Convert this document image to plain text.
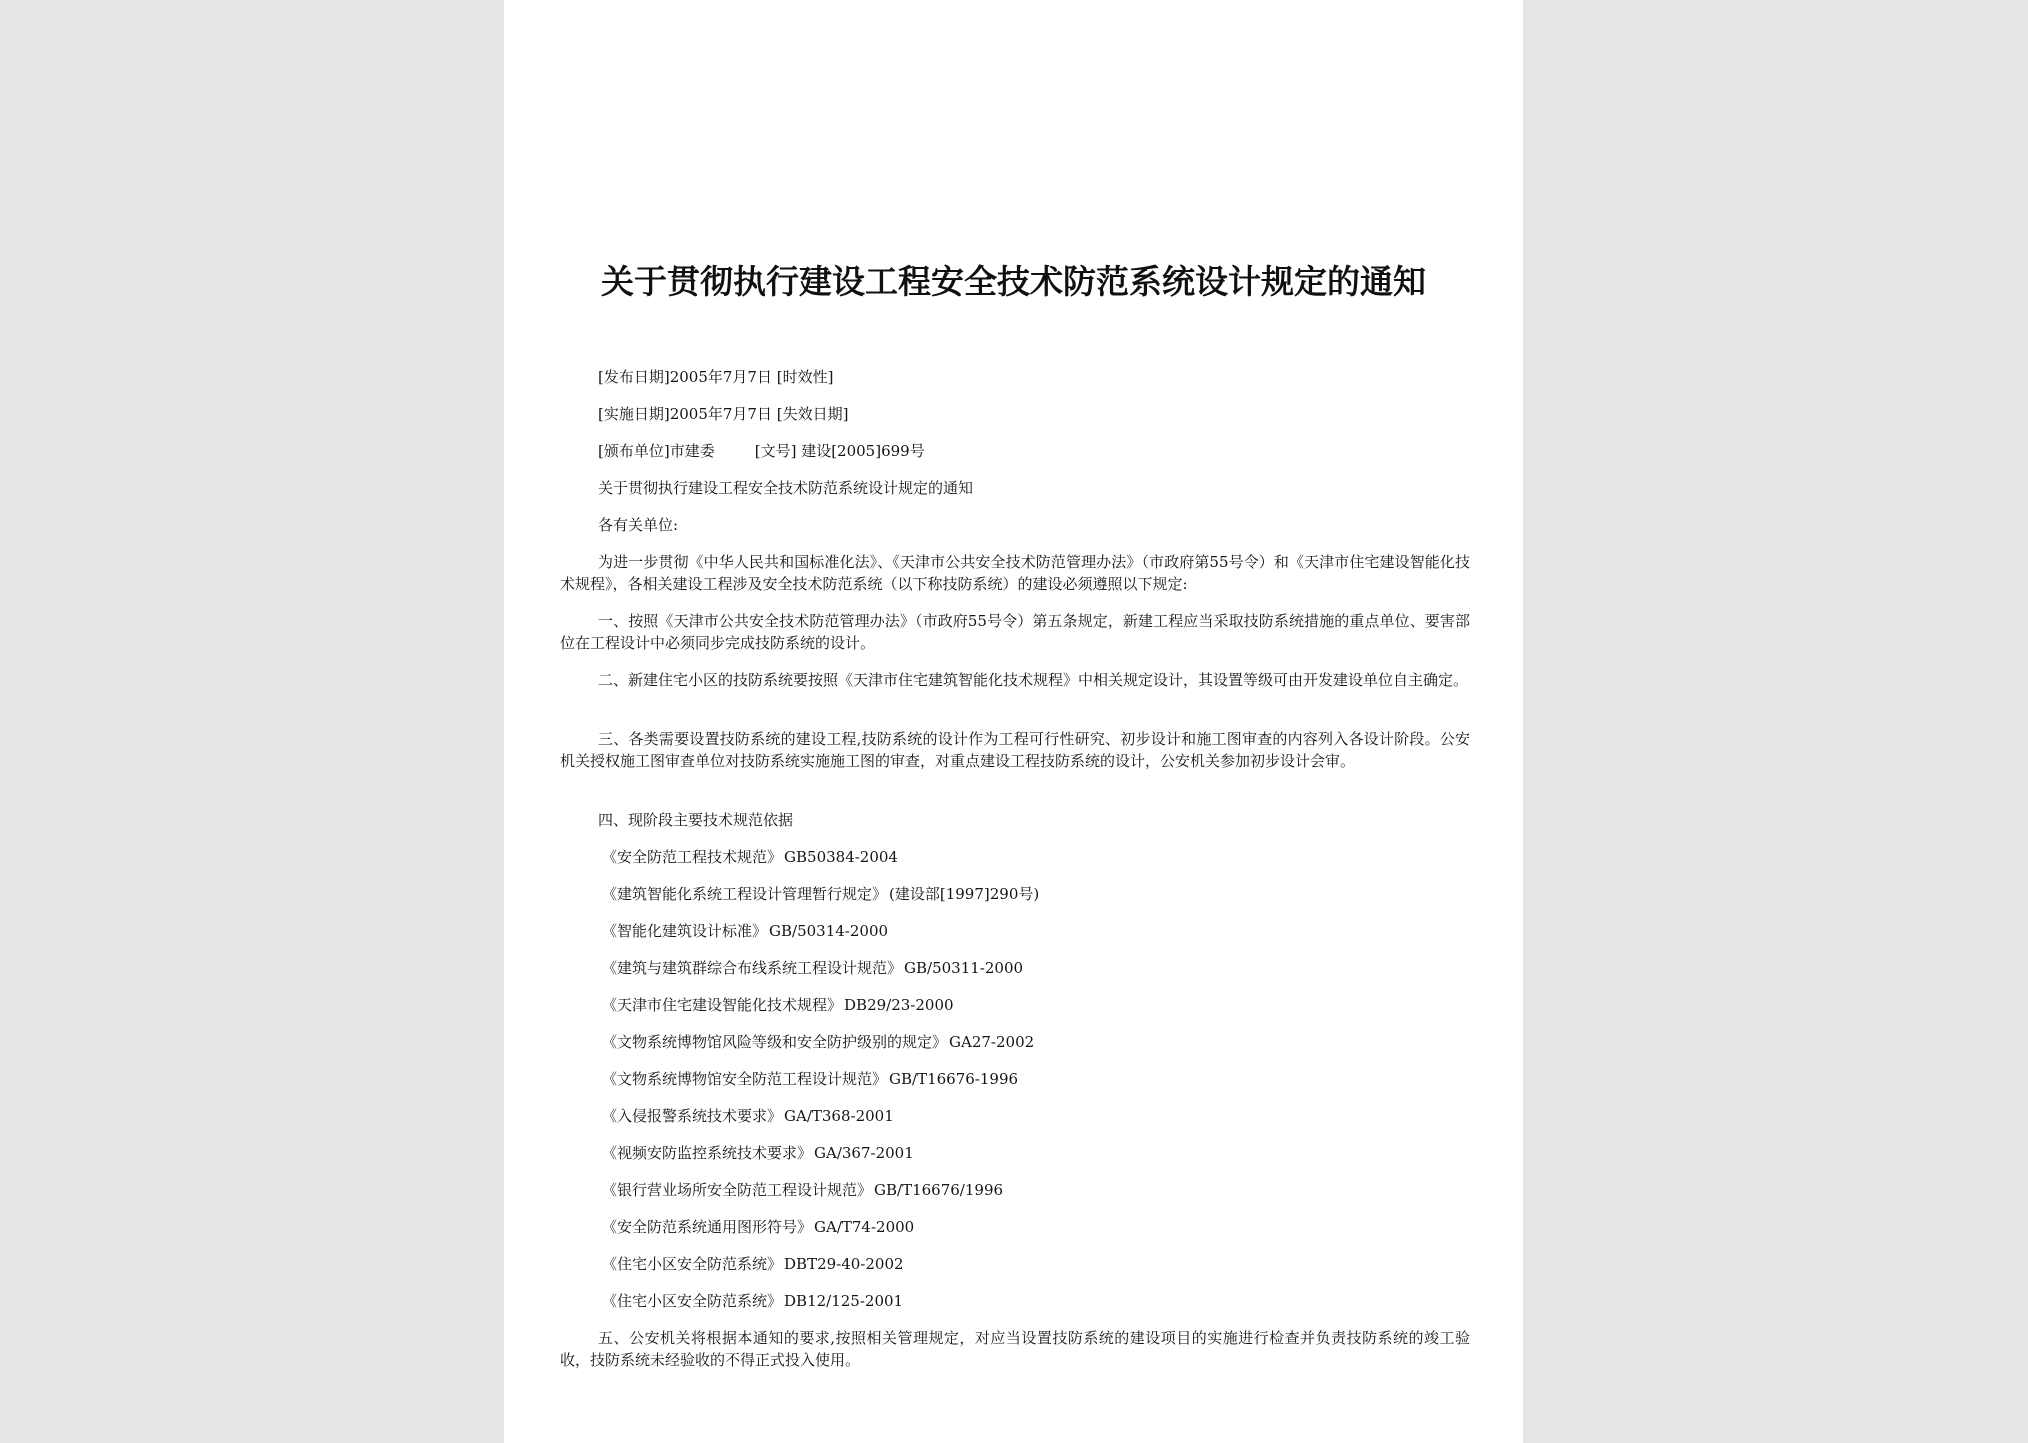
关于贯彻执行建设工程安全技术防范系统设计规定的通知
[发布日期]2005年7月7日 [时效性]
[实施日期]2005年7月7日 [失效日期]
[颁布单位]市建委	[文号] 建设[2005]699号

关于贯彻执行建设工程安全技术防范系统设计规定的通知

各有关单位:

为进一步贯彻《中华人民共和国标准化法》、《天津市公共安全技术防范管理办法》（市政府第55号令）和《天津市住宅建设智能化技术规程》，各相关建设工程涉及安全技术防范系统（以下称技防系统）的建设必须遵照以下规定:

一、按照《天津市公共安全技术防范管理办法》（市政府55号令）第五条规定，新建工程应当采取技防系统措施的重点单位、要害部位在工程设计中必须同步完成技防系统的设计。

二、新建住宅小区的技防系统要按照《天津市住宅建筑智能化技术规程》中相关规定设计，其设置等级可由开发建设单位自主确定。

三、各类需要设置技防系统的建设工程,技防系统的设计作为工程可行性研究、初步设计和施工图审查的内容列入各设计阶段。公安机关授权施工图审查单位对技防系统实施施工图的审查，对重点建设工程技防系统的设计，公安机关参加初步设计会审。

四、现阶段主要技术规范依据

《安全防范工程技术规范》 GB50384-2004
《建筑智能化系统工程设计管理暂行规定》 (建设部[1997]290号)
《智能化建筑设计标准》 GB/50314-2000
《建筑与建筑群综合布线系统工程设计规范》 GB/50311-2000
《天津市住宅建设智能化技术规程》 DB29/23-2000
《文物系统博物馆风险等级和安全防护级别的规定》 GA27-2002
《文物系统博物馆安全防范工程设计规范》 GB/T16676-1996
《入侵报警系统技术要求》 GA/T368-2001
《视频安防监控系统技术要求》 GA/367-2001
《银行营业场所安全防范工程设计规范》 GB/T16676/1996
《安全防范系统通用图形符号》 GA/T74-2000
《住宅小区安全防范系统》 DBT29-40-2002
《住宅小区安全防范系统》 DB12/125-2001

五、公安机关将根据本通知的要求,按照相关管理规定，对应当设置技防系统的建设项目的实施进行检查并负责技防系统的竣工验收，技防系统未经验收的不得正式投入使用。
